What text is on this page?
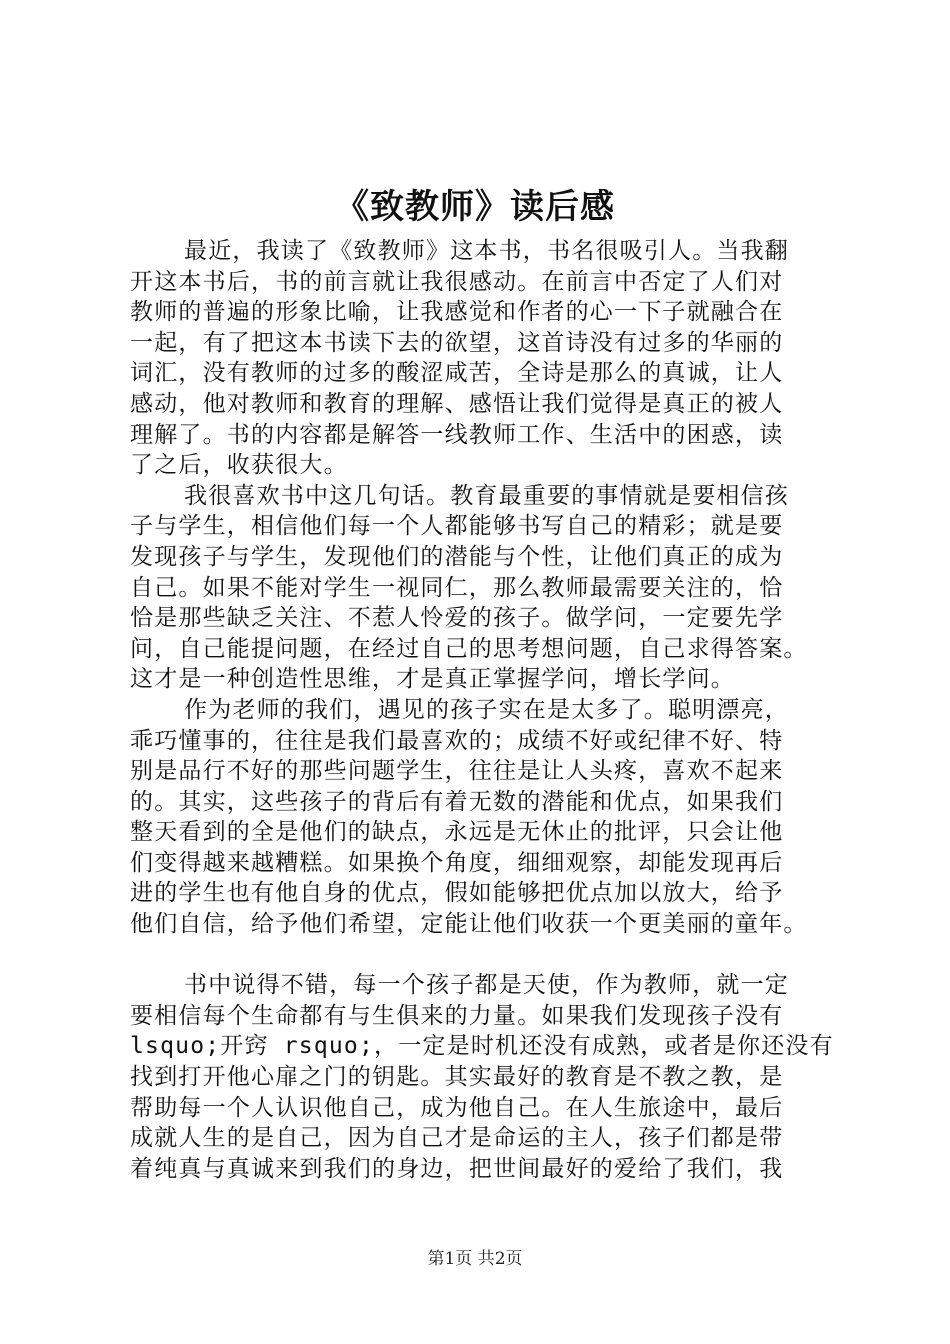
《致教师》读后感
最近，我读了《致教师》这本书，书名很吸引人。当我翻
开这本书后，书的前言就让我很感动。在前言中否定了人们对
教师的普遍的形象比喻，让我感觉和作者的心一下子就融合在
一起，有了把这本书读下去的欲望，这首诗没有过多的华丽的
词汇，没有教师的过多的酸涩咸苦，全诗是那么的真诚，让人
感动，他对教师和教育的理解、感悟让我们觉得是真正的被人
理解了。书的内容都是解答一线教师工作、生活中的困惑，读
了之后，收获很大。
我很喜欢书中这几句话。教育最重要的事情就是要相信孩
子与学生，相信他们每一个人都能够书写自己的精彩；就是要
发现孩子与学生，发现他们的潜能与个性，让他们真正的成为
自己。如果不能对学生一视同仁，那么教师最需要关注的，恰
恰是那些缺乏关注、不惹人怜爱的孩子。做学问，一定要先学
问，自己能提问题，在经过自己的思考想问题，自己求得答案。
这才是一种创造性思维，才是真正掌握学问，增长学问。
作为老师的我们，遇见的孩子实在是太多了。聪明漂亮，
乖巧懂事的，往往是我们最喜欢的；成绩不好或纪律不好、特
别是品行不好的那些问题学生，往往是让人头疼，喜欢不起来
的。其实，这些孩子的背后有着无数的潜能和优点，如果我们
整天看到的全是他们的缺点，永远是无休止的批评，只会让他
们变得越来越糟糕。如果换个角度，细细观察，却能发现再后
进的学生也有他自身的优点，假如能够把优点加以放大，给予
他们自信，给予他们希望，定能让他们收获一个更美丽的童年。
书中说得不错，每一个孩子都是天使，作为教师，就一定
要相信每个生命都有与生俱来的力量。如果我们发现孩子没有
lsquo;开窍 rsquo;，一定是时机还没有成熟，或者是你还没有
找到打开他心扉之门的钥匙。其实最好的教育是不教之教，是
帮助每一个人认识他自己，成为他自己。在人生旅途中，最后
成就人生的是自己，因为自己才是命运的主人，孩子们都是带
着纯真与真诚来到我们的身边，把世间最好的爱给了我们，我
第1页 共2页
